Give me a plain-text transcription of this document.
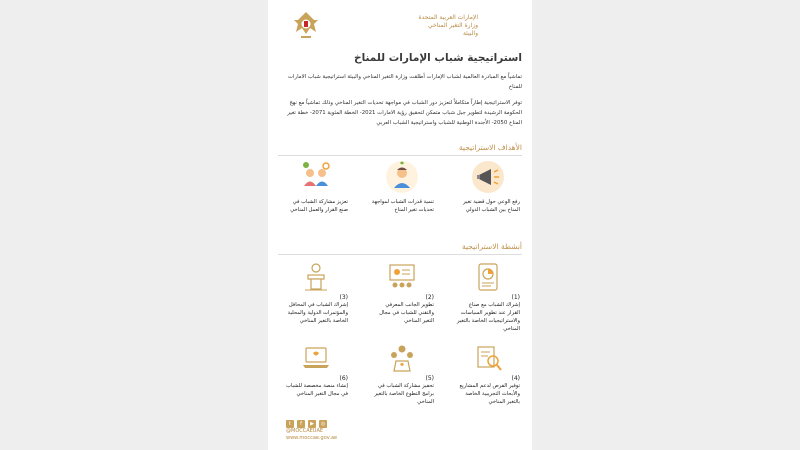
الإمارات العربية المتحدة
وزارة التغير المناخي
والبيئة
استراتيجية شباب الإمارات للمناخ
تماشياً مع المبادرة العالمية لشباب الإمارات أطلقت وزارة التغير المناخي والبيئة استراتيجية شباب الامارات للمناخ
توفر الاستراتيجية إطاراً متكاملاً لتعزيز دور الشباب في مواجهة تحديات التغير المناخي وذلك تماشياً مع نهج الحكومة الرشيدة لتطوير جيل شباب متمكن لتحقيق رؤية الامارات 2021- الخطة المئوية 2071- خطة تغير المناخ 2050- الأجندة الوطنية للشباب واستراتيجية الشباب العربي
الأهداف الاستراتيجية
رفع الوعي حول قضية تغير المناخ بين الشباب الدولي
تنمية قدرات الشباب لمواجهة تحديات تغير المناخ
تعزيز مشاركة الشباب في صنع القرار والعمل المناخي
أنشطة الاستراتيجية
(1)
إشراك الشباب مع صناع القرار عند تطوير السياسات والاستراتيجيات الخاصة بالتغير المناخي
(2)
تطوير الجانب المعرفي والتقني للشباب في مجال التغير المناخي
(3)
إشراك الشباب في المحافل والمؤتمرات الدولية والمحلية الخاصة بالتغير المناخي
(4)
توفير الفرص لدعم المشاريع والأبحاث التجريبية الخاصة بالتغير المناخي
(5)
تحفيز مشاركة الشباب في برامج التطوع الخاصة بالتغير المناخي
(6)
إنشاء منصة مخصصة للشباب في مجال التغير المناخي
t	f	▶	◎
@MOCCAEUAE
www.moccae.gov.ae
